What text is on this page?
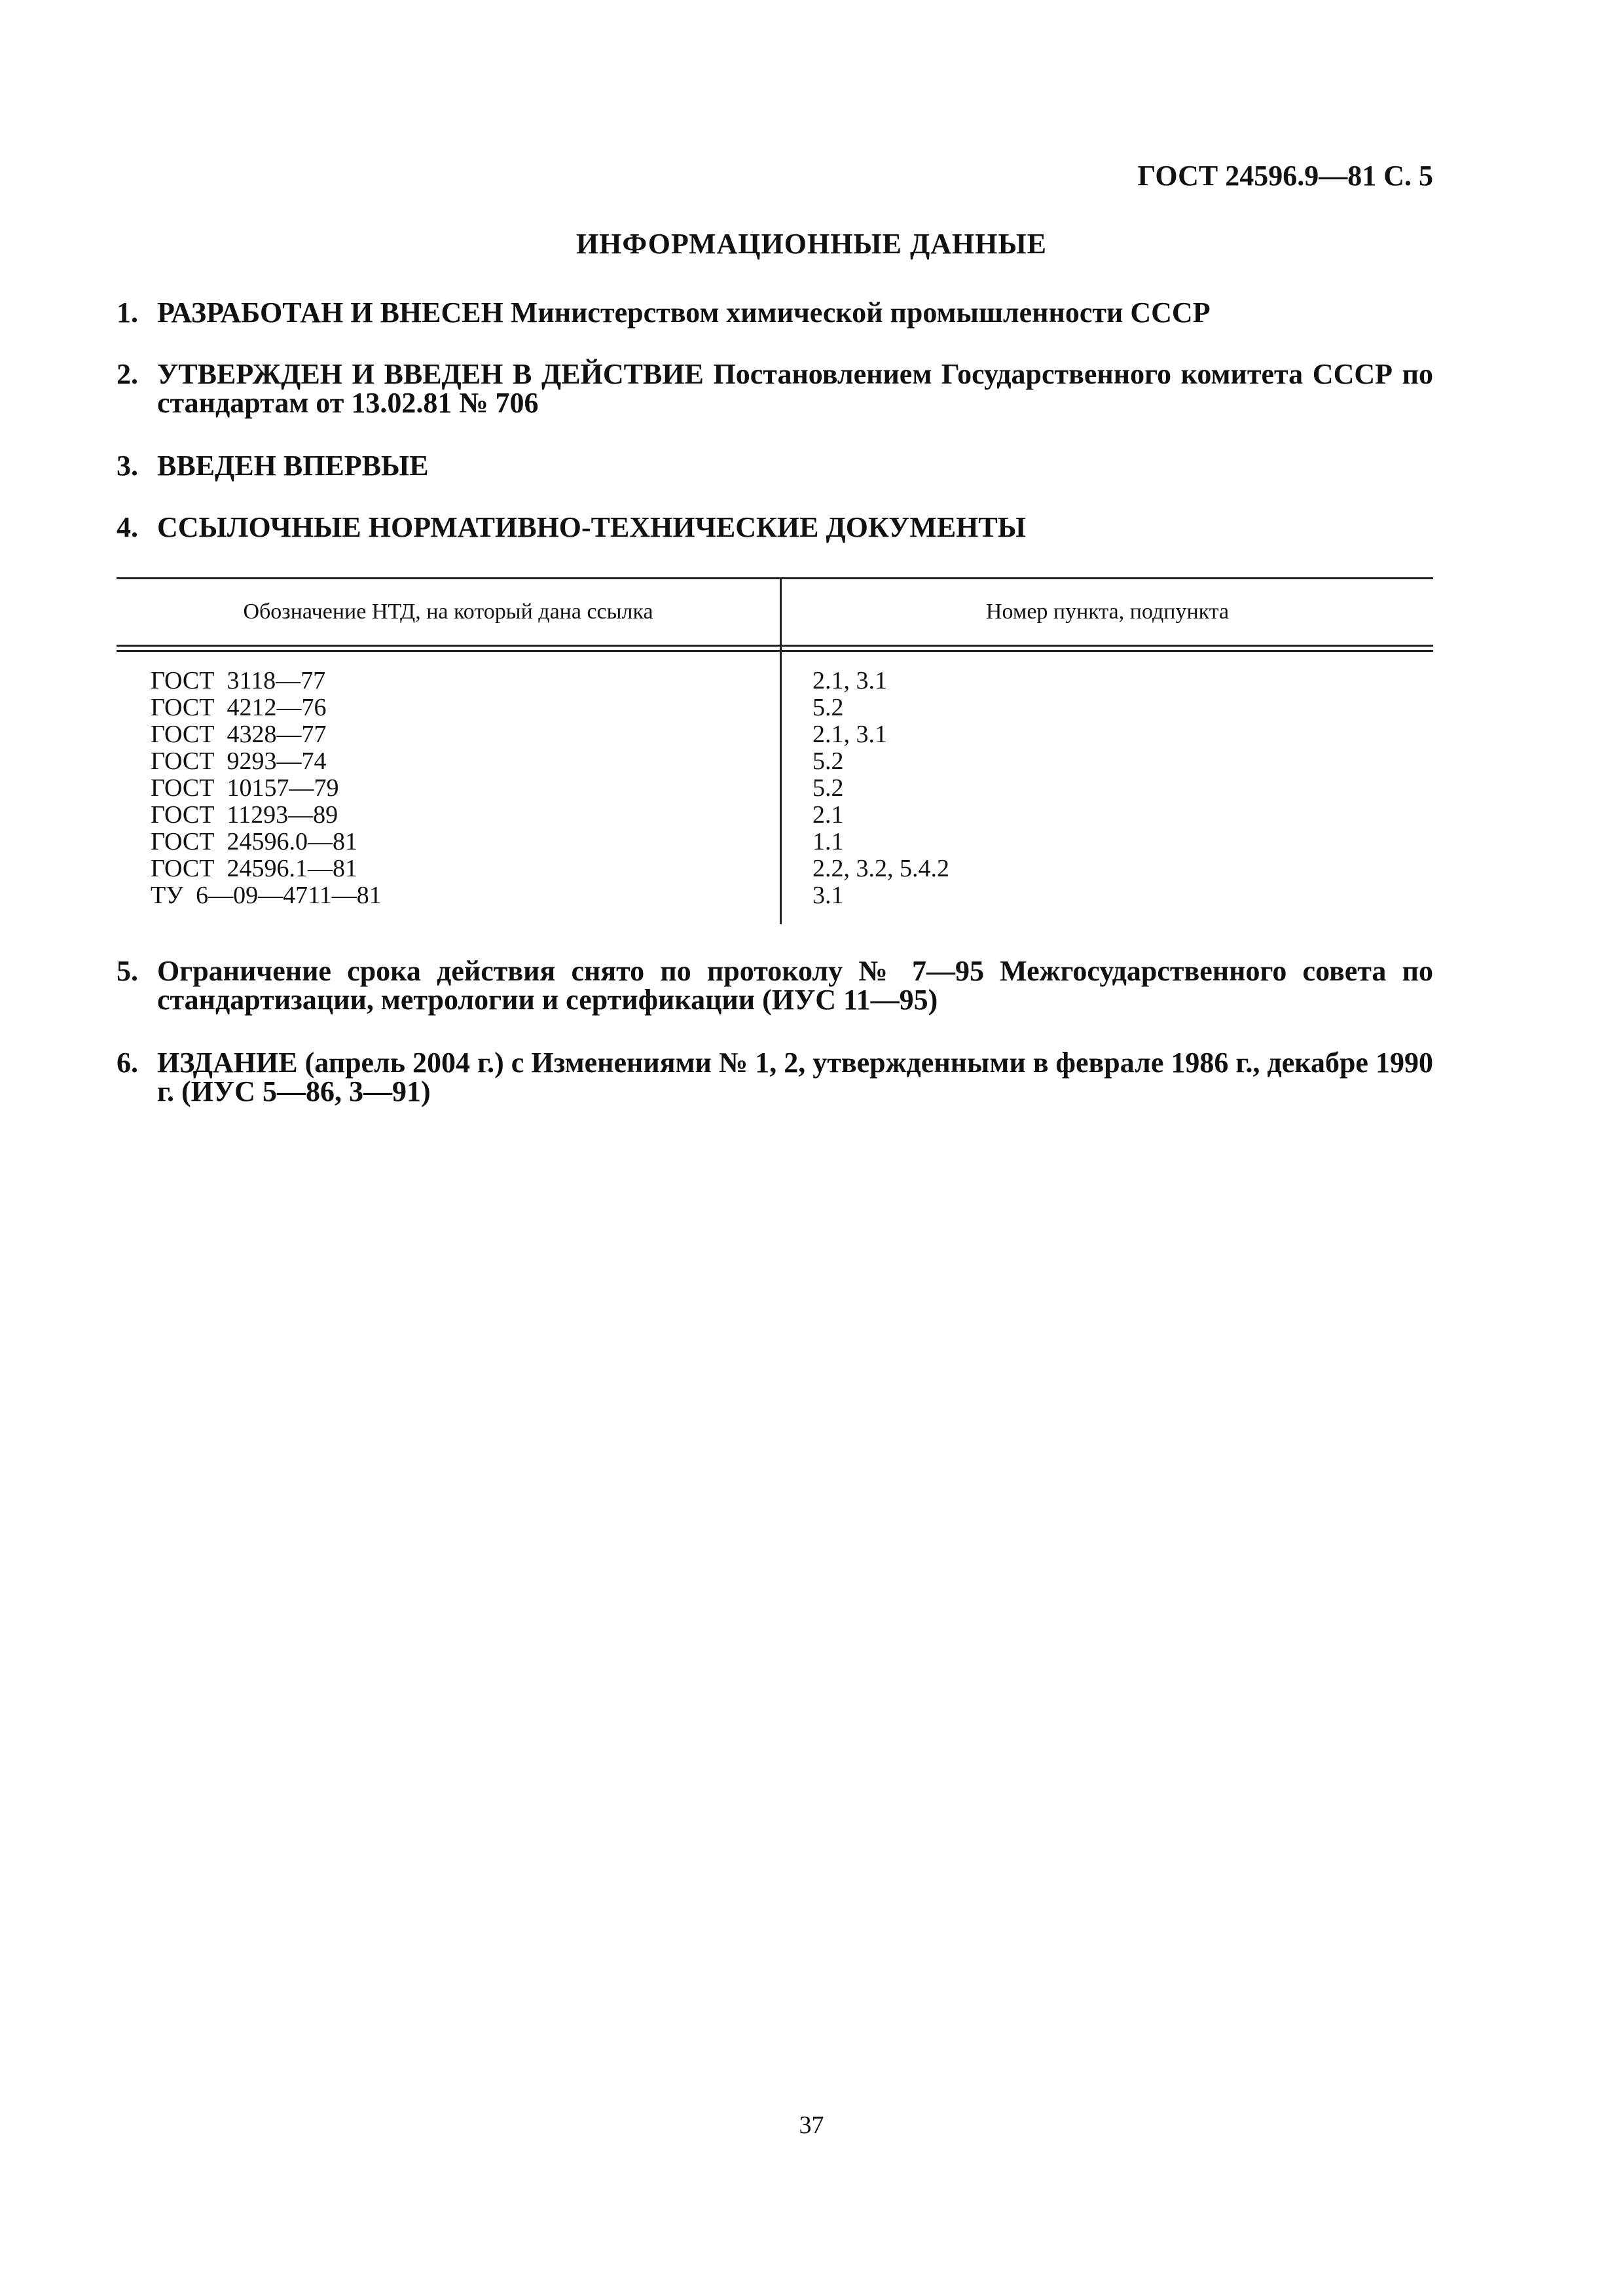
ГОСТ 24596.9—81 С. 5
ИНФОРМАЦИОННЫЕ ДАННЫЕ
1. РАЗРАБОТАН И ВНЕСЕН Министерством химической промышленности СССР
2. УТВЕРЖДЕН И ВВЕДЕН В ДЕЙСТВИЕ Постановлением Государственного комитета СССР по стандартам от 13.02.81 № 706
3. ВВЕДЕН ВПЕРВЫЕ
4. ССЫЛОЧНЫЕ НОРМАТИВНО-ТЕХНИЧЕСКИЕ ДОКУМЕНТЫ
Обозначение НТД, на который дана ссылка	Номер пункта, подпункта
ГОСТ  3118—77	2.1, 3.1
ГОСТ  4212—76	5.2
ГОСТ  4328—77	2.1, 3.1
ГОСТ  9293—74	5.2
ГОСТ  10157—79	5.2
ГОСТ  11293—89	2.1
ГОСТ  24596.0—81	1.1
ГОСТ  24596.1—81	2.2, 3.2, 5.4.2
ТУ  6—09—4711—81	3.1
5. Ограничение срока действия снято по протоколу № 7—95 Межгосударственного совета по стандартизации, метрологии и сертификации (ИУС 11—95)
6. ИЗДАНИЕ (апрель 2004 г.) с Изменениями № 1, 2, утвержденными в феврале 1986 г., декабре 1990 г. (ИУС 5—86, 3—91)
37
